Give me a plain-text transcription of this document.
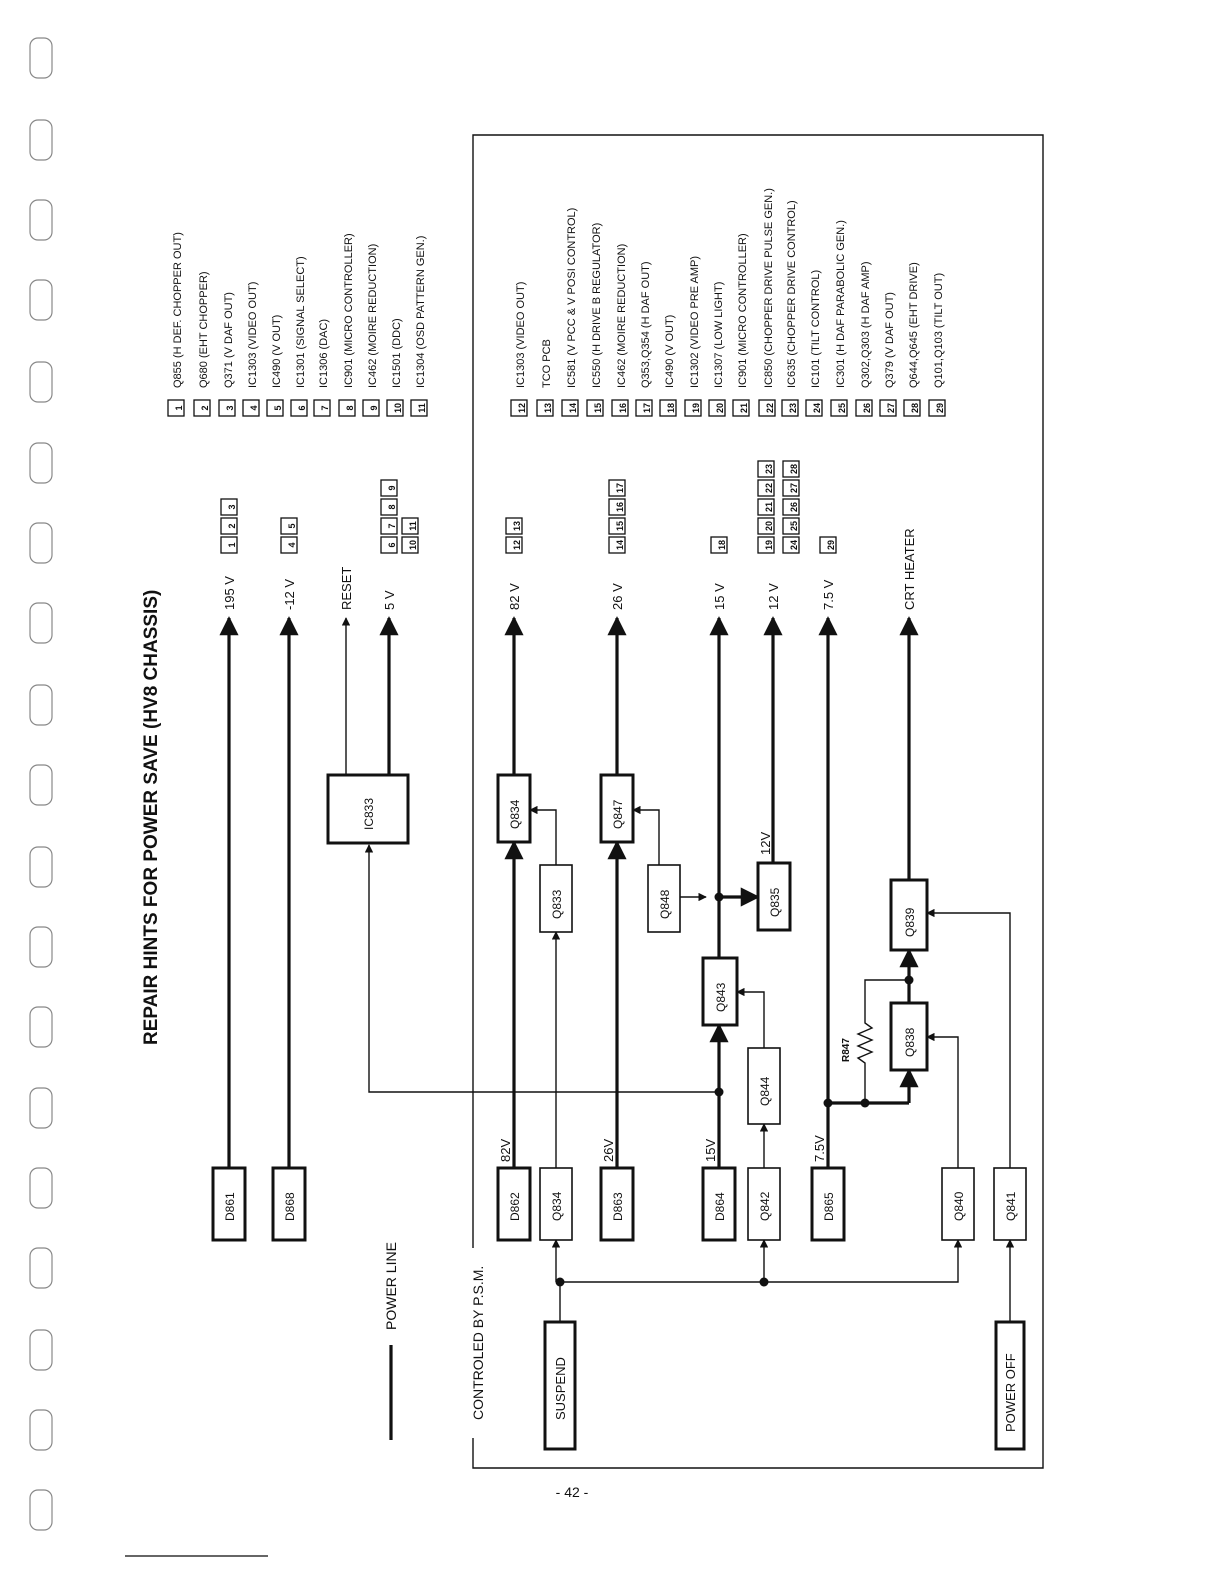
REPAIR HINTS FOR POWER SAVE (HV8 CHASSIS)
POWER LINE	CONTROLED BY P.S.M.
- 42 -
D861	D868	D862 Q834	D863	D864	Q842	D865	Q840	Q841
IC833	Q834	Q847
Q833	Q848	Q835
Q843
Q844
Q838
Q839
R847
SUSPEND	POWER OFF
82V	26V	15V	7.5V
12V
195 V	-12 V	RESET 5 V	82 V	26 V	15 V	12 V	7.5 V	CRT HEATER
1
2
3
4
5
6
7
8
9
10
11
12
13
14
15
16
17
18	19
20
21
22
23
24
25
26
27
28
29
1
Q855 (H DEF. CHOPPER OUT)
2
Q680 (EHT CHOPPER)
3
Q371 (V DAF OUT)
4
IC1303 (VIDEO OUT)
5
IC490 (V OUT)
6
IC1301 (SIGNAL SELECT)
7
IC1306 (DAC)
8
IC901 (MICRO CONTROLLER)
9
IC462 (MOIRE REDUCTION)
10
IC1501 (DDC)
11
IC1304 (OSD PATTERN GEN.)
12
IC1303 (VIDEO OUT)
13
TCO PCB
14
IC581 (V PCC & V POSI CONTROL)
15
IC550 (H DRIVE B REGULATOR)
16
IC462 (MOIRE REDUCTION)
17
Q353,Q354 (H DAF OUT)
18
IC490 (V OUT)
19
IC1302 (VIDEO PRE AMP)
20
IC1307 (LOW LIGHT)
21
IC901 (MICRO CONTROLLER)
22
IC850 (CHOPPER DRIVE PULSE GEN.)
23
IC635 (CHOPPER DRIVE CONTROL)
24
IC101 (TILT CONTROL)
25
IC301 (H DAF PARABOLIC GEN.)
26
Q302,Q303 (H DAF AMP)
27
Q379 (V DAF OUT)
28
Q644,Q645 (EHT DRIVE)
29
Q101,Q103 (TILT OUT)
